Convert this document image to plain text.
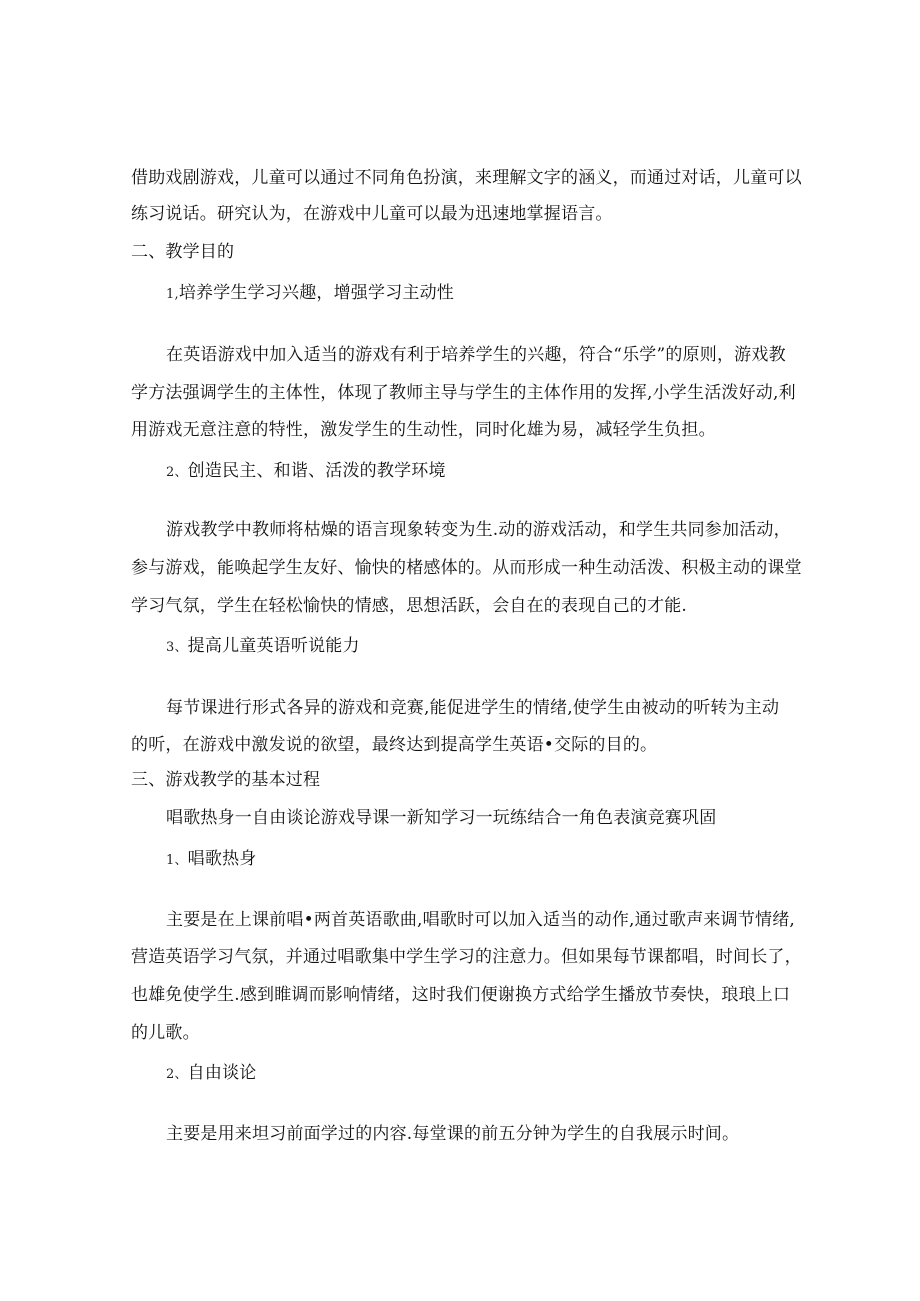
借助戏剧游戏，儿童可以通过不同角色扮演，来理解文字的涵义，而通过对话，儿童可以
练习说话。研究认为，在游戏中儿童可以最为迅速地掌握语言。
二、教学目的
1,培养学生学习兴趣，增强学习主动性
在英语游戏中加入适当的游戏有利于培养学生的兴趣，符合“乐学”的原则，游戏教
学方法强调学生的主体性，体现了教师主导与学生的主体作用的发挥,小学生活泼好动,利
用游戏无意注意的特性，激发学生的生动性，同时化雄为易，减轻学生负担。
2、创造民主、和谐、活泼的教学环境
游戏教学中教师将枯燥的语言现象转变为生.动的游戏活动，和学生共同参加活动，
参与游戏，能唤起学生友好、愉快的楮感体的。从而形成一种生动活泼、积极主动的课堂
学习气氛，学生在轻松愉快的情感，思想活跃，会自在的表现自己的才能.
3、提高儿童英语听说能力
每节课进行形式各异的游戏和竞赛,能促进学生的情绪,使学生由被动的听转为主动
的听，在游戏中激发说的欲望，最终达到提高学生英语•交际的目的。
三、游戏教学的基本过程
唱歌热身一自由谈论游戏导课一新知学习一玩练结合一角色表演竞赛巩固
1、唱歌热身
主要是在上课前唱•两首英语歌曲,唱歌时可以加入适当的动作,通过歌声来调节情绪,
营造英语学习气氛，并通过唱歌集中学生学习的注意力。但如果每节课都唱，时间长了，
也雄免使学生.感到睢调而影响情绪，这时我们便谢换方式给学生播放节奏快，琅琅上口
的儿歌。
2、自由谈论
主要是用来坦习前面学过的内容.每堂课的前五分钟为学生的自我展示时间。
